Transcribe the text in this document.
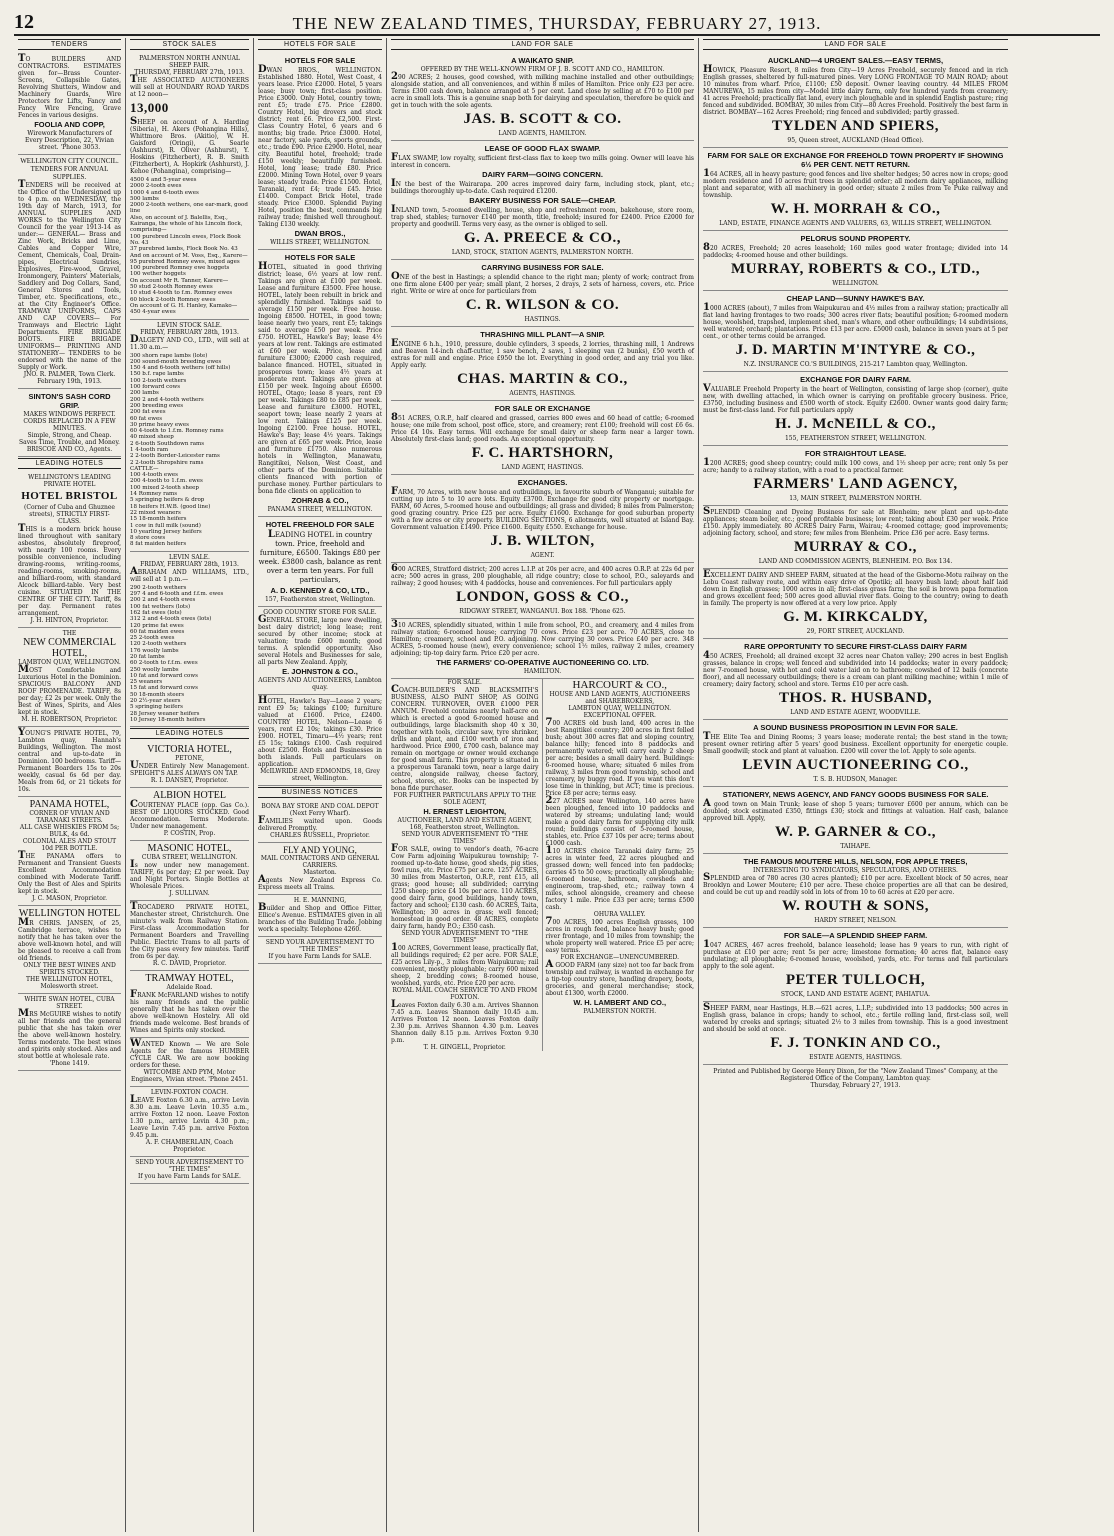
12	THE NEW ZEALAND TIMES, THURSDAY, FEBRUARY 27, 1913.
TENDERS

TO BUILDERS AND CONTRACTORS. ESTIMATES given for—Brass Counter-Screens, Collapsible Gates, Revolving Shutters, Window and Machinery Guards, Wire Protectors for Lifts, Fancy and Fancy Wire Fencing, Grave Fences in various designs.

FOOLIA AND COPP,
Wirework Manufacturers of Every Description, 22, Vivian street. 'Phone 3053.
WELLINGTON CITY COUNCIL.
TENDERS FOR ANNUAL SUPPLIES.

TENDERS will be received at the Office of the Undersigned up to 4 p.m. on WEDNESDAY, the 19th day of March, 1913, for ANNUAL SUPPLIES AND WORKS to the Wellington City Council for the year 1913-14 as under:— GENERAL— Brass and Zinc Work, Bricks and Lime, Cables and Copper Wire, Cement, Chemicals, Coal, Drain-pipes, Electrical Sundries, Explosives, Fire-wood, Gravel, Ironmongery, Painters' Materials, Saddlery and Dog Collars, Sand, General Stores and Tools, Timber, etc. Specifications, etc., at the City Engineer's Office. TRAMWAY UNIFORMS, CAPS AND CAP COVERS— For Tramways and Electric Light Departments. FIRE BRIGADE BOOTS. FIRE BRIGADE UNIFORMS— PRINTING AND STATIONERY— TENDERS to be endorsed with the name of the Supply or Work.

JNO. R. PALMER, Town Clerk.
February 19th, 1913.
SINTON'S SASH CORD GRIP.
MAKES WINDOWS PERFECT.
CORDS REPLACED IN A FEW MINUTES.
Simple, Strong, and Cheap. Saves Time, Trouble, and Money.
BRISCOE AND CO., Agents.
LEADING HOTELS
WELLINGTON'S LEADING PRIVATE HOTEL
HOTEL BRISTOL
(Corner of Cuba and Ghuznee streets), STRICTLY FIRST-CLASS.

THIS is a modern brick house lined throughout with sanitary asbestos, absolutely fireproof, with nearly 100 rooms. Every possible convenience, including drawing-rooms, writing-rooms, reading-rooms, smoking-rooms, and billiard-room, with standard Alcock billiard-table. Very best cuisine. SITUATED IN THE CENTRE OF THE CITY. Tariff, 8s per day. Permanent rates arrangement.

J. H. HINTON, Proprietor.
THE
NEW COMMERCIAL HOTEL,
LAMBTON QUAY, WELLINGTON.

MOST Comfortable and Luxurious Hotel in the Dominion. SPACIOUS BALCONY AND ROOF PROMENADE. TARIFF, 8s per day; £2 2s per week. Only the Best of Wines, Spirits, and Ales kept in stock.

M. H. ROBERTSON, Proprietor.

YOUNG'S PRIVATE HOTEL, 79, Lambton quay, Hannah's Buildings, Wellington. The most central and up-to-date in Dominion. 100 bedrooms. Tariff—Permanent Boarders 15s to 20s weekly, casual 6s 6d per day. Meals from 6d, or 21 tickets for 10s.

PANAMA HOTEL,
CORNER OF VIVIAN AND TARANAKI STREETS.
ALL CASE WHISKIES FROM 5s; BULK, 4s 6d.
COLONIAL ALES AND STOUT 10d PER BOTTLE.

THE PANAMA offers to Permanent and Transient Guests Excellent Accommodation combined with Moderate Tariff. Only the Best of Ales and Spirits kept in stock.

J. C. MASON, Proprietor.
WELLINGTON HOTEL

MR CHRIS. JANSEN, of 25, Cambridge terrace, wishes to notify that he has taken over the above well-known hotel, and will be pleased to receive a call from old friends.

ONLY THE BEST WINES AND SPIRITS STOCKED.
THE WELLINGTON HOTEL, Molesworth street.
WHITE SWAN HOTEL, CUBA STREET.

MRS McGUIRE wishes to notify all her friends and the general public that she has taken over the above well-known hostelry. Terms moderate. The best wines and spirits only stocked. Ales and stout bottle at wholesale rate.

'Phone 1419.
STOCK SALES
PALMERSTON NORTH ANNUAL SHEEP FAIR.
THURSDAY, FEBRUARY 27th, 1913.

THE ASSOCIATED AUCTIONEERS will sell at HOUNDARY ROAD YARDS at 12 noon—

13,000

SHEEP on account of A. Harding (Siberia), H. Akers (Pohangina Hills), Whittmore Bros. (Akitio), W. H. Gaisford (Oringi), G. Searle (Ashhurst), R. Oliver (Ashhurst), Y. Hoskins (Fitzherbert), R. B. Smith (Fitzherbert), A. Hopkirk (Ashhurst), J. Kehoe (Pohangina), comprising—

4500 4 and 5-year ewes
2000 2-tooth ewes
1000 4 and 6-tooth ewes
500 lambs
2000 2-tooth wethers, one ear-mark, good line
Also, on account of J. Balellis, Esq., Kairanga, the whole of his Lincoln flock, comprising—
100 purebred Lincoln ewes, Flock Book No. 43
37 purebred lambs, Flock Book No. 43
And on account of M. Voss, Esq., Karere—
95 purebred Romney ewes, mixed ages
100 purebred Romney ewe hoggets
100 wether hoggets
On account Mr R. Tanner, Karere—
50 stud 2-tooth Romney ewes
10 stud 4-tooth to f.m. Romney ewes
60 block 2-tooth Romney ewes
On account of G. H. Hanley, Kamako—
450 4-year ewes
LEVIN STOCK SALE.
FRIDAY, FEBRUARY 28th, 1913.

DALGETY AND CO., LTD., will sell at 11.30 a.m.—

300 shorn rape lambs (lote)
200 sound-mouth breeding ewes
150 4 and 6-tooth wethers (off hills)
150 b.f. rape lambs
100 2-tooth wethers
100 forward cows
200 lambs
200 2 and 4-tooth wethers
200 breeding ewes
200 fat ewes
60 fat ewes
30 prime heavy ewes
60 4-tooth to 1.f.m. Romney rams
40 mixed sheep
2 6-tooth Southdown rams
1 4-tooth ram
2 2-tooth Border-Leicester rams
2 2-tooth Shropshire rams
CATTLE—
100 4-tooth ewes
200 4-tooth to 1.f.m. ewes
100 mixed 2-tooth sheep
14 Romney rams
5 springing heifers & drop
18 heifers H.W.B. (good line)
22 mixed weaners
15 18-month heifers
1 cow in full milk (sound)
10 yearling Jersey heifers
8 store cows
8 fat maiden heifers
LEVIN SALE.
FRIDAY, FEBRUARY 28th, 1913.

ABRAHAM AND WILLIAMS, LTD., will sell at 1 p.m.—

290 2-tooth wethers
297 4 and 6-tooth and f.f.m. ewes
200 2 and 4-tooth ewes
100 fat wethers (lots)
162 fat ewes (lots)
312 2 and 4-tooth ewes (lots)
120 prime fat ewes
60 fat maiden ewes
25 2-tooth ewes
120 2-tooth wethers
176 woolly lambs
20 fat lambs
60 2-tooth to f.f.m. ewes
250 woolly lambs
10 fat and forward cows
25 weaners
15 fat and forward cows
50 18-month steers
20 2½-year steers
5 springing heifers
28 Jersey weaner heifers
10 Jersey 18-month heifers
LEADING HOTELS
VICTORIA HOTEL,
PETONE,

UNDER Entirely New Management. SPEIGHT'S ALES ALWAYS ON TAP.

R. I. DANSEY, Proprietor.
ALBION HOTEL

COURTENAY PLACE (opp. Gas Co.). BEST OF LIQUORS STOCKED. Good Accommodation. Terms Moderate. Under new management.

P. COSTIN, Prop.
MASONIC HOTEL,
CUBA STREET, WELLINGTON.

Is now under new management. TARIFF, 6s per day; £2 per week. Day and Night Porters. Single Bottles at Wholesale Prices.

J. SULLIVAN.

TROCADERO PRIVATE HOTEL, Manchester street, Christchurch. One minute's walk from Railway Station. First-class Accommodation for Permanent Boarders and Travelling Public. Electric Trams to all parts of the City pass every few minutes. Tariff from 6s per day.

R. C. DAVID, Proprietor.
TRAMWAY HOTEL,
Adelaide Road.

FRANK McFARLAND wishes to notify his many friends and the public generally that he has taken over the above well-known Hostelry. All old friends made welcome. Best brands of Wines and Spirits only stocked.

WANTED Known — We are Sole Agents for the famous HUMBER CYCLE CAR. We are now booking orders for these.

WITCOMBE AND PYM, Motor Engineers, Vivian street. 'Phone 2451.
LEVIN-FOXTON COACH.

LEAVE Foxton 6.30 a.m., arrive Levin 8.30 a.m. Leave Levin 10.35 a.m., arrive Foxton 12 noon. Leave Foxton 1.30 p.m., arrive Levin 4.30 p.m.; Leave Levin 7.45 p.m. arrive Foxton 9.45 p.m.

A. F. CHAMBERLAIN, Coach Proprietor.
SEND YOUR ADVERTISEMENT TO "THE TIMES"
If you have Farm Lands for SALE.
HOTELS FOR SALE
HOTELS FOR SALE

DWAN BROS., WELLINGTON. Established 1880. Hotel, West Coast, 4 years lease. Price £2000. Hotel, 5 years lease; busy town; first-class position. Price £3000. Only Hotel, country town; rent £5; trade £75. Price £2800. Country Hotel, big drovers and stock district; rent £6. Price £2,500. First-Class Country Hotel, 6 years and 6 months; big trade. Price £3000. Hotel, near factory, sale yards, sports grounds, etc.; trade £90. Price £2900. Hotel, near city. Beautiful hotel, freehold; trade £150 weekly; beautifully furnished. Hotel, long lease; trade £80. Price £2000. Mining Town Hotel, over 9 years lease; steady trade. Price £1500. Hotel, Taranaki, rent £4; trade £45. Price £1400. Compact Brick Hotel, trade steady. Price £3000. Splendid Paying Hotel, position the best, commands big railway trade; finished well throughout. Taking £130 weekly.

DWAN BROS.,
WILLIS STREET, WELLINGTON.
HOTELS FOR SALE

HOTEL, situated in good thriving district; lease, 6½ years at low rent. Takings are given at £100 per week. Lease and furniture £3500. Free house. HOTEL, lately been rebuilt in brick and splendidly furnished. Takings said to average £150 per week. Free house. Ingoing £8500. HOTEL, in good town; lease nearly two years, rent £5; takings said to average £50 per week. Price £750. HOTEL, Hawke's Bay; lease 4½ years at low rent. Takings are estimated at £60 per week. Price, lease and furniture £3000; £2000 cash required, balance financed. HOTEL, situated in prosperous town; lease 4½ years at moderate rent. Takings are given at £150 per week. Ingoing about £6500. HOTEL, Otago; lease 8 years, rent £9 per week. Takings £80 to £85 per week. Lease and furniture £3000. HOTEL, seaport town; lease nearly 2 years at low rent. Takings £125 per week. Ingoing £2100. Free house. HOTEL, Hawke's Bay; lease 4½ years. Takings are given at £65 per week. Price, lease and furniture £1750. Also numerous hotels in Wellington, Manawatu, Rangitikei, Nelson, West Coast, and other parts of the Dominion. Suitable clients financed with portion of purchase money. Further particulars to bona fide clients on application to

ZOHRAB & CO.,
PANAMA STREET, WELLINGTON.
HOTEL FREEHOLD FOR SALE

LEADING HOTEL in country town. Price, freehold and furniture, £6500. Takings £80 per week. £3800 cash, balance as rent over a term ten years. For full particulars,

A. D. KENNEDY & CO, LTD.,
157, Featherston street, Wellington.
GOOD COUNTRY STORE FOR SALE.

GENERAL STORE, large new dwelling, best dairy district; long lease; rent secured by other income; stock at valuation; trade £600 month; good terms. A splendid opportunity. Also several Hotels and Businesses for sale, all parts New Zealand. Apply,

E. JOHNSTON & CO.,
AGENTS AND AUCTIONEERS, Lambton quay.

HOTEL, Hawke's Bay—Lease 2 years; rent £9 5s; takings £100; furniture valued at £1600. Price, £2400. COUNTRY HOTEL, Nelson—Lease 6 years, rent £2 10s; takings £30. Price £900. HOTEL, Timaru—4½ years; rent £5 15s; takings £100. Cash required about £2500. Hotels and Businesses in both islands. Full particulars on application.

McILWRIDE AND EDMONDS, 18, Grey street, Wellington.
BUSINESS NOTICES
BONA BAY STORE AND COAL DEPOT (Next Ferry Wharf).

FAMILIES waited upon. Goods delivered Promptly.

CHARLES RUSSELL, Proprietor.
FLY AND YOUNG,
MAIL CONTRACTORS AND GENERAL CARRIERS.
Masterton.

Agents New Zealand Express Co. Express meets all Trains.

H. E. MANNING,

Builder and Shop and Office Fitter, Ellice's Avenue. ESTIMATES given in all branches of the Building Trade. Jobbing work a specialty. Telephone 4260.

SEND YOUR ADVERTISEMENT TO "THE TIMES"
If you have Farm Lands for SALE.
LAND FOR SALE
A WAIKATO SNIP.
OFFERED BY THE WELL-KNOWN FIRM OF J. B. SCOTT AND CO., HAMILTON.

290 ACRES; 2 houses, good cowshed, with milking machine installed and other outbuildings; alongside station, and all conveniences, and within 8 miles of Hamilton. Price only £23 per acre. Terms £300 cash down, balance arranged at 5 per cent. Land close by selling at £70 to £100 per acre in small lots. This is a genuine snap both for dairying and speculation, therefore be quick and get in touch with the sole agents.

JAS. B. SCOTT & CO.
LAND AGENTS, HAMILTON.
LEASE OF GOOD FLAX SWAMP.

FLAX SWAMP, low royalty, sufficient first-class flax to keep two mills going. Owner will leave his interest in concern.

DAIRY FARM—GOING CONCERN.

IN the best of the Wairarapa. 200 acres improved dairy farm, including stock, plant, etc.; buildings thoroughly up-to-date. Cash required £1200.

BAKERY BUSINESS FOR SALE—CHEAP.

INLAND town, 5-roomed dwelling, house, shop and refreshment room, bakehouse, store room, trap shed, stables; turnover £140 per month, title, freehold; insured for £2400. Price £2000 for property and goodwill. Terms very easy, as the owner is obliged to sell.

G. A. PREECE & CO.,
LAND, STOCK, STATION AGENTS, PALMERSTON NORTH.
CARRYING BUSINESS FOR SALE.

ONE of the best in Hastings; a splendid chance to the right man; plenty of work; contract from one firm alone £400 per year; small plant, 2 horses, 2 drays, 2 sets of harness, covers, etc. Price right. Write or wire at once for particulars from

C. R. WILSON & CO.
HASTINGS.
THRASHING MILL PLANT—A SNIP.

ENGINE 6 h.h., 1910, pressure, double cylinders, 3 speeds, 2 lorries, thrashing mill, 1 Andrews and Beaven 14-inch chaff-cutter, 1 saw bench, 2 saws, 1 sleeping van (2 bunks), £50 worth of extras for mill and engine. Price £950 the lot. Everything in good order, and any trial you like. Apply early.

CHAS. MARTIN & CO.,
AGENTS, HASTINGS.
FOR SALE OR EXCHANGE

851 ACRES, O.R.P., half cleared and grassed, carries 800 ewes and 60 head of cattle; 6-roomed house; one mile from school, post office, store, and creamery; rent £100; freehold will cost £6 6s. Price £4 10s. Easy terms. Will exchange for small dairy or sheep farm near a larger town. Absolutely first-class land; good roads. An exceptional opportunity.

F. C. HARTSHORN,
LAND AGENT, HASTINGS.
EXCHANGES.

FARM, 70 Acres, with new house and outbuildings, in favourite suburb of Wanganui; suitable for cutting up into 5 to 10 acre lots. Equity £3700. Exchange for good city property or mortgage. FARM, 60 Acres, 5-roomed house and outbuildings; all grass and divided; 8 miles from Palmerston; good grazing country. Price £25 per acre. Equity £1600. Exchange for good suburban property with a few acres or city property. BUILDING SECTIONS, 6 allotments, well situated at Island Bay. Government valuation £1490. Price £1600. Equity £550. Exchange for house.

J. B. WILTON,
AGENT.

600 ACRES, Stratford district; 200 acres L.I.P. at 20s per acre, and 400 acres O.R.P. at 22s 6d per acre; 500 acres in grass, 200 ploughable, all ridge country; close to school, P.O., saleyards and railway; 2 good houses; with 4 paddocks, house and conveniences. For full particulars apply

LONDON, GOSS & CO.,
RIDGWAY STREET, WANGANUI. Box 188. 'Phone 625.

310 ACRES, splendidly situated, within 1 mile from school, P.O., and creamery, and 4 miles from railway station; 6-roomed house; carrying 70 cows. Price £23 per acre. 70 ACRES, close to Hamilton; creamery, school and P.O. adjoining. Now carrying 30 cows. Price £40 per acre. 348 ACRES, 5-roomed house (new), every convenience; school 1½ miles, railway 2 miles, creamery adjoining; tip-top dairy farm. Price £20 per acre.

THE FARMERS' CO-OPERATIVE AUCTIONEERING CO. LTD.
HAMILTON.
FOR SALE.

COACH-BUILDER'S AND BLACKSMITH'S BUSINESS, ALSO PAINT SHOP, AS GOING CONCERN. TURNOVER, OVER £1000 PER ANNUM. Freehold contains nearly half-acre on which is erected a good 6-roomed house and outbuildings, large blacksmith shop 40 x 30, together with tools, circular saw, tyre shrinker, drills and plant, and £100 worth of iron and hardwood. Price £900, £700 cash, balance may remain on mortgage or owner would exchange for good small farm. This property is situated in a prosperous Taranaki town, near a large dairy centre, alongside railway, cheese factory, school, stores, etc. Books can be inspected by bona fide purchaser.

FOR FURTHER PARTICULARS APPLY TO THE SOLE AGENT,
H. ERNEST LEIGHTON,
AUCTIONEER, LAND AND ESTATE AGENT, 168, Featherston street, Wellington.
SEND YOUR ADVERTISEMENT TO "THE TIMES"

FOR SALE, owing to vendor's death, 76-acre Cow Farm adjoining Waipukurau township; 7-roomed up-to-date house, good sheds, pig sties, fowl runs, etc. Price £75 per acre. 1257 ACRES, 30 miles from Masterton, O.R.P., rent £15, all grass; good house; all subdivided; carrying 1250 sheep; price £4 10s per acre. 110 ACRES, good dairy farm, good buildings, handy town, factory and school; £130 cash. 60 ACRES, Taita, Wellington; 30 acres in grass; well fenced; homestead in good order. 48 ACRES, complete dairy farm, handy P.O.; £350 cash.

SEND YOUR ADVERTISEMENT TO "THE TIMES"

100 ACRES, Government lease, practically flat, all buildings required; £2 per acre. FOR SALE, £25 acres Lily-p., 3 miles from Waipukurau; rail convenient, mostly ploughable; carry 600 mixed sheep, 2 bredding cows; 8-roomed house, woolshed, yards, etc. Price £20 per acre.

ROYAL MAIL COACH SERVICE TO AND FROM FOXTON.

Leaves Foxton daily 6.30 a.m. Arrives Shannon 7.45 a.m. Leaves Shannon daily 10.45 a.m. Arrives Foxton 12 noon. Leaves Foxton daily 2.30 p.m. Arrives Shannon 4.30 p.m. Leaves Shannon daily 8.15 p.m. Arrives Foxton 9.30 p.m.

T. H. GINGELL, Proprietor.
HARCOURT & CO.,
HOUSE AND LAND AGENTS, AUCTIONEERS and SHAREBROKERS,
LAMBTON QUAY, WELLINGTON.
EXCEPTIONAL OFFER.

700 ACRES old bush land, 400 acres in the best Rangitikei country; 200 acres in first felled bush; about 300 acres flat and sloping country, balance hilly; fenced into 8 paddocks and permanently watered; will carry easily 2 sheep per acre; besides a small dairy herd. Buildings: 6-roomed house, whare; situated 6 miles from railway, 3 miles from good township, school and creamery, by buggy road. If you want this don't lose time in thinking, but ACT; time is precious. Price £8 per acre; terms easy.

227 ACRES near Wellington, 140 acres have been ploughed, fenced into 10 paddocks and watered by streams; undulating land; would make a good dairy farm for supplying city milk round; buildings consist of 5-roomed house, stables, etc. Price £37 10s per acre; terms about £1000 cash.

110 ACRES choice Taranaki dairy farm; 25 acres in winter feed, 22 acres ploughed and grassed down; well fenced into ten paddocks; carries 45 to 50 cows; practically all ploughable; 6-roomed house, bathroom, cowsheds and engineroom, trap-shed, etc.; railway town 4 miles, school alongside, creamery and cheese factory 1 mile. Price £33 per acre; terms £500 cash.

OHURA VALLEY.

700 ACRES, 100 acres English grasses, 100 acres in rough feed, balance heavy bush; good river frontage, and 10 miles from township; the whole property well watered. Price £5 per acre; easy terms.

FOR EXCHANGE—UNENCUMBERED.

A GOOD FARM (any size) not too far back from township and railway, is wanted in exchange for a tip-top country store, handling drapery, boots, groceries, and general merchandise; stock, about £1300, worth £2000.

W. H. LAMBERT AND CO.,
PALMERSTON NORTH.
LAND FOR SALE
AUCKLAND—4 URGENT SALES.—EASY TERMS,

HOWICK, Pleasure Resort, 8 miles from City—19 Acres Freehold, securely fenced and in rich English grasses, sheltered by full-matured pines. Very LONG FRONTAGE TO MAIN ROAD; about 10 minutes from wharf. Price, £1100; £50 deposit. Owner leaving country. 44 MILES FROM MANUREWA, 15 miles from city—Model little dairy farm, only few hundred yards from creamery; 41 acres Freehold; practically flat land, every inch ploughable and in splendid English pasture; ring fenced and subdivided. BOMBAY, 30 miles from City—80 Acres Freehold. Positively the best farm in district. BOMBAY—162 Acres Freehold; ring fenced and subdivided; partly grassed.

TYLDEN AND SPIERS,
95, Queen street, AUCKLAND (Head Office).
FARM FOR SALE OR EXCHANGE FOR FREEHOLD TOWN PROPERTY IF SHOWING 6½ PER CENT. NETT RETURN.

164 ACRES, all in heavy pasture; good fences and live shelter hedges; 50 acres now in crops; good modern residence and 10 acres fruit trees in splendid order; all modern dairy appliances, milking plant and separator, with all machinery in good order; situate 2 miles from Te Puke railway and township.

W. H. MORRAH & CO.,
LAND, ESTATE, FINANCE AGENTS AND VALUERS, 63, WILLIS STREET, WELLINGTON.
PELORUS SOUND PROPERTY.

820 ACRES, Freehold; 20 acres leasehold; 160 miles good water frontage; divided into 14 paddocks; 4-roomed house and other buildings.

MURRAY, ROBERTS & CO., LTD.,
WELLINGTON.
CHEAP LAND—SUNNY HAWKE'S BAY.

1000 ACRES (about), 7 miles from Waipukurau and 4½ miles from a railway station; practically all flat land having frontages to two roads; 300 acres river flats; beautiful position; 6-roomed modern house, woolshed, trapshed, implement shed, man's whare, and other outbuildings; 14 subdivisions, well watered; orchard; plantations. Price £13 per acre. £5000 cash, balance in seven years at 5 per cent., or other terms could be arranged.

J. D. MARTIN M'INTYRE & CO.,
N.Z. INSURANCE CO.'S BUILDINGS, 215-217 Lambton quay, Wellington.
EXCHANGE FOR DAIRY FARM.

VALUABLE Freehold Property in the heart of Wellington, consisting of large shop (corner), quite new, with dwelling attached, in which owner is carrying on profitable grocery business. Price, £3750, including business and £500 worth of stock. Equity £2600. Owner wants good dairy farm; must be first-class land. For full particulars apply

H. J. McNEILL & CO.,
155, FEATHERSTON STREET, WELLINGTON.
FOR STRAIGHTOUT LEASE.

1200 ACRES; good sheep country; could milk 100 cows, and 1½ sheep per acre; rent only 5s per acre; handy to a railway station, with a road to a practical farmer.

FARMERS' LAND AGENCY,
13, MAIN STREET, PALMERSTON NORTH.

SPLENDID Cleaning and Dyeing Business for sale at Blenheim; new plant and up-to-date appliances; steam boiler, etc.; good profitable business; low rent; taking about £30 per week. Price £150. Apply immediately. 80 ACRES Dairy Farm, Wairau; 4-roomed cottage; good improvements; adjoining factory, school, and store; few miles from Blenheim. Price £36 per acre. Easy terms.

MURRAY & CO.,
LAND AND COMMISSION AGENTS, BLENHEIM. P.O. Box 134.

EXCELLENT DAIRY AND SHEEP FARM, situated at the head of the Gisborne-Motu railway on the Lebu Coast railway route, and within easy drive of Opotiki; all heavy bush land; about half laid down in English grasses; 1000 acres in all; first-class grass farm; the soil is brown papa formation and grows excellent feed; 500 acres good alluvial river flats. Going to the country; owing to death in family. The property is now offered at a very low price. Apply

G. M. KIRKCALDY,
29, FORT STREET, AUCKLAND.
RARE OPPORTUNITY TO SECURE FIRST-CLASS DAIRY FARM

450 ACRES, Freehold; all drained except 32 acres near Chaton valley; 290 acres in best English grasses, balance in crops; well fenced and subdivided into 14 paddocks; water in every paddock; new 7-roomed house, with hot and cold water laid on to bathroom; cowshed of 12 bails (concrete floor), and all necessary outbuildings; there is a cream can plant milking machine; within 1 mile of creamery; dairy factory, school and store. Terms £10 per acre cash.

THOS. R. HUSBAND,
LAND AND ESTATE AGENT, WOODVILLE.
A SOUND BUSINESS PROPOSITION IN LEVIN FOR SALE.

THE Elite Tea and Dining Rooms; 3 years lease; moderate rental; the best stand in the town; present owner retiring after 5 years' good business. Excellent opportunity for energetic couple. Small goodwill; stock and plant at valuation. £200 will cover the lot. Apply to sole agents.

LEVIN AUCTIONEERING CO.,
T. S. B. HUDSON, Manager.
STATIONERY, NEWS AGENCY, AND FANCY GOODS BUSINESS FOR SALE.

A good town on Main Trunk; lease of shop 5 years; turnover £600 per annum, which can be doubled; stock estimated £350, fittings £30; stock and fittings at valuation. Half cash, balance approved bill. Apply,

W. P. GARNER & CO.,
TAIHAPE.
THE FAMOUS MOUTERE HILLS, NELSON, FOR APPLE TREES,
INTERESTING TO SYNDICATORS, SPECULATORS, AND OTHERS.

SPLENDID area of 780 acres (30 acres planted); £10 per acre. Excellent block of 50 acres, near Brooklyn and Lower Moutere; £10 per acre. These choice properties are all that can be desired, and could be cut up and readily sold in lots of from 10 to 60 acres at £20 per acre.

W. ROUTH & SONS,
HARDY STREET, NELSON.
FOR SALE—A SPLENDID SHEEP FARM.

1047 ACRES, 467 acres freehold, balance leasehold; lease has 9 years to run, with right of purchase at £10 per acre; rent 5s per acre; limestone formation; 40 acres flat, balance easy undulating; all ploughable; 6-roomed house, woolshed, yards, etc. For terms and full particulars apply to the sole agent.

PETER TULLOCH,
STOCK, LAND AND ESTATE AGENT, PAHIATUA.

SHEEP FARM, near Hastings, H.B.—621 acres, L.I.P.; subdivided into 13 paddocks; 500 acres in English grass, balance in crops; handy to school, etc.; fertile rolling land, first-class soil, well watered by creeks and springs; situated 2½ to 3 miles from township. This is a good investment and should be sold at once.

F. J. TONKIN AND CO.,
ESTATE AGENTS, HASTINGS.
Printed and Published by George Henry Dixon, for the "New Zealand Times" Company, at the Registered Office of the Company, Lambton quay.
Thursday, February 27, 1913.
